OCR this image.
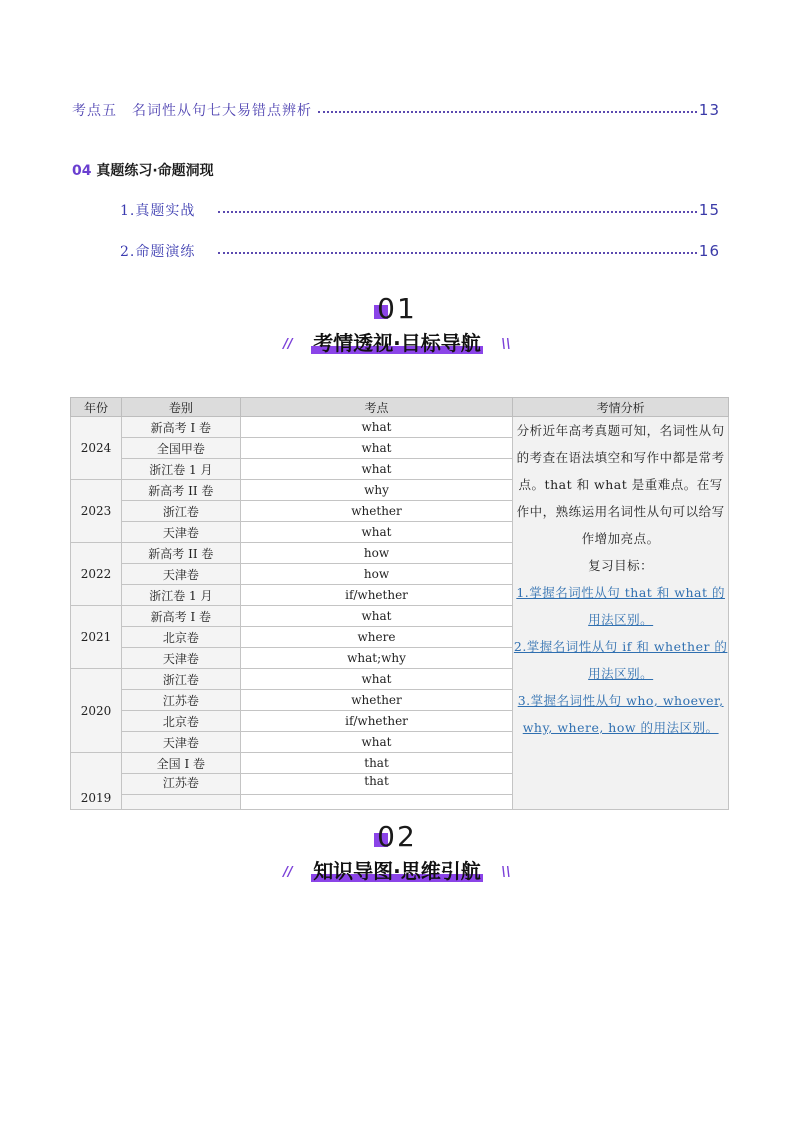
考点五　名词性从句七大易错点辨析	13
04 真题练习·命题洞现
1.真题实战	15
2.命题演练	16
01

// 考情透视·目标导航 \\
年份	卷别	考点	考情分析
2024	新高考 I 卷	what	分析近年高考真题可知，名词性从句的考查在语法填空和写作中都是常考点。that 和 what 是重难点。在写作中，熟练运用名词性从句可以给写作增加亮点。
复习目标：
1.掌握名词性从句 that 和 what 的用法区别。
2.掌握名词性从句 if 和 whether 的用法区别。
3.掌握名词性从句 who, whoever, why, where, how 的用法区别。

	全国甲卷	what	
	浙江卷 1 月	what	
2023	新高考 II 卷	why	
	浙江卷	whether	
	天津卷	what	
2022	新高考 II 卷	how	
	天津卷	how	
	浙江卷 1 月	if/whether	
2021	新高考 I 卷	what	
	北京卷	where	
	天津卷	what;why	
2020	浙江卷	what	
	江苏卷	whether	
	北京卷	if/whether	
	天津卷	what	
2019	全国 I 卷	that	
	江苏卷	that	

02

// 知识导图·思维引航 \\
